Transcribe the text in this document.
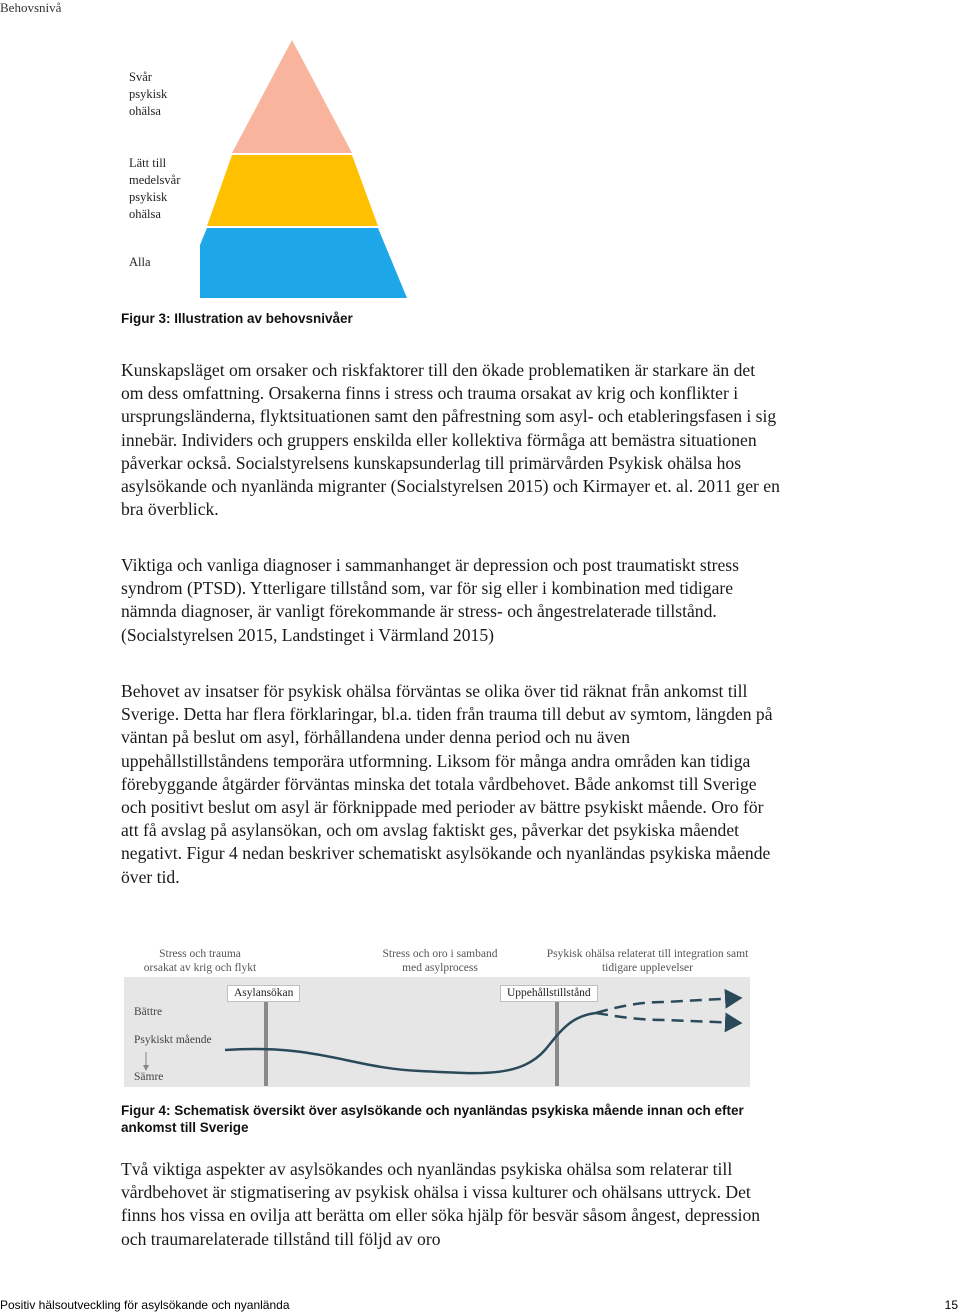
Behovsnivå
Svår
psykisk
ohälsa
Lätt till
medelsvår
psykisk
ohälsa
Alla
Figur 3: Illustration av behovsnivåer

Kunskapsläget om orsaker och riskfaktorer till den ökade problematiken är starkare än det om dess omfattning. Orsakerna finns i stress och trauma orsakat av krig och konflikter i ursprungsländerna, flyktsituationen samt den påfrestning som asyl- och etableringsfasen i sig innebär. Individers och gruppers enskilda eller kollektiva förmåga att bemästra situationen påverkar också. Socialstyrelsens kunskapsunderlag till primärvården Psykisk ohälsa hos asylsökande och nyanlända migranter (Socialstyrelsen 2015) och Kirmayer et. al. 2011 ger en bra överblick.

Viktiga och vanliga diagnoser i sammanhanget är depression och post traumatiskt stress syndrom (PTSD). Ytterligare tillstånd som, var för sig eller i kombination med tidigare nämnda diagnoser, är vanligt förekommande är stress- och ångestrelaterade tillstånd. (Socialstyrelsen 2015, Landstinget i Värmland 2015)

Behovet av insatser för psykisk ohälsa förväntas se olika över tid räknat från ankomst till Sverige. Detta har flera förklaringar, bl.a. tiden från trauma till debut av symtom, längden på väntan på beslut om asyl, förhållandena under denna period och nu även uppehållstillståndens temporära utformning. Liksom för många andra områden kan tidiga förebyggande åtgärder förväntas minska det totala vårdbehovet. Både ankomst till Sverige och positivt beslut om asyl är förknippade med perioder av bättre psykiskt mående. Oro för att få avslag på asylansökan, och om avslag faktiskt ges, påverkar det psykiska måendet negativt. Figur 4 nedan beskriver schematiskt asylsökande och nyanländas psykiska mående över tid.

Stress och trauma
orsakat av krig och flykt
Stress och oro i samband
med asylprocess
Psykisk ohälsa relaterat till integration samt
tidigare upplevelser
Asylansökan	Uppehållstillstånd
Bättre
Psykiskt mående
Sämre
Figur 4: Schematisk översikt över asylsökande och nyanländas psykiska mående innan och efter ankomst till Sverige

Två viktiga aspekter av asylsökandes och nyanländas psykiska ohälsa som relaterar till vårdbehovet är stigmatisering av psykisk ohälsa i vissa kulturer och ohälsans uttryck. Det finns hos vissa en ovilja att berätta om eller söka hjälp för besvär såsom ångest, depression och traumarelaterade tillstånd till följd av oro

Positiv hälsoutveckling för asylsökande och nyanlända	15
